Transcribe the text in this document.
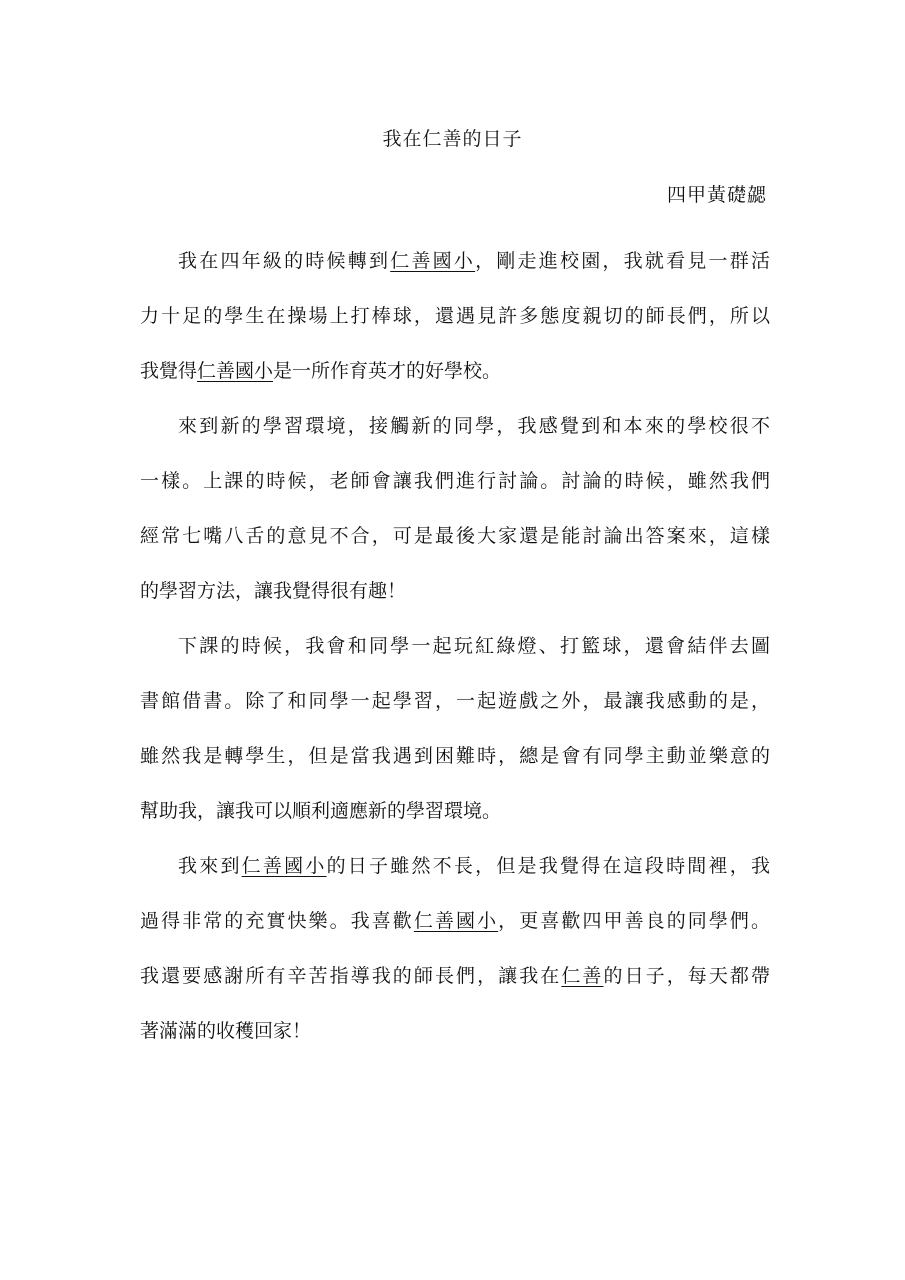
我在仁善的日子
四甲黃礎勰
我在四年級的時候轉到仁善國小，剛走進校園，我就看見一群活
力十足的學生在操場上打棒球，還遇見許多態度親切的師長們，所以
我覺得仁善國小是一所作育英才的好學校。
來到新的學習環境，接觸新的同學，我感覺到和本來的學校很不
一樣。上課的時候，老師會讓我們進行討論。討論的時候，雖然我們
經常七嘴八舌的意見不合，可是最後大家還是能討論出答案來，這樣
的學習方法，讓我覺得很有趣！
下課的時候，我會和同學一起玩紅綠燈、打籃球，還會結伴去圖
書館借書。除了和同學一起學習，一起遊戲之外，最讓我感動的是，
雖然我是轉學生，但是當我遇到困難時，總是會有同學主動並樂意的
幫助我，讓我可以順利適應新的學習環境。
我來到仁善國小的日子雖然不長，但是我覺得在這段時間裡，我
過得非常的充實快樂。我喜歡仁善國小，更喜歡四甲善良的同學們。
我還要感謝所有辛苦指導我的師長們，讓我在仁善的日子，每天都帶
著滿滿的收穫回家！
